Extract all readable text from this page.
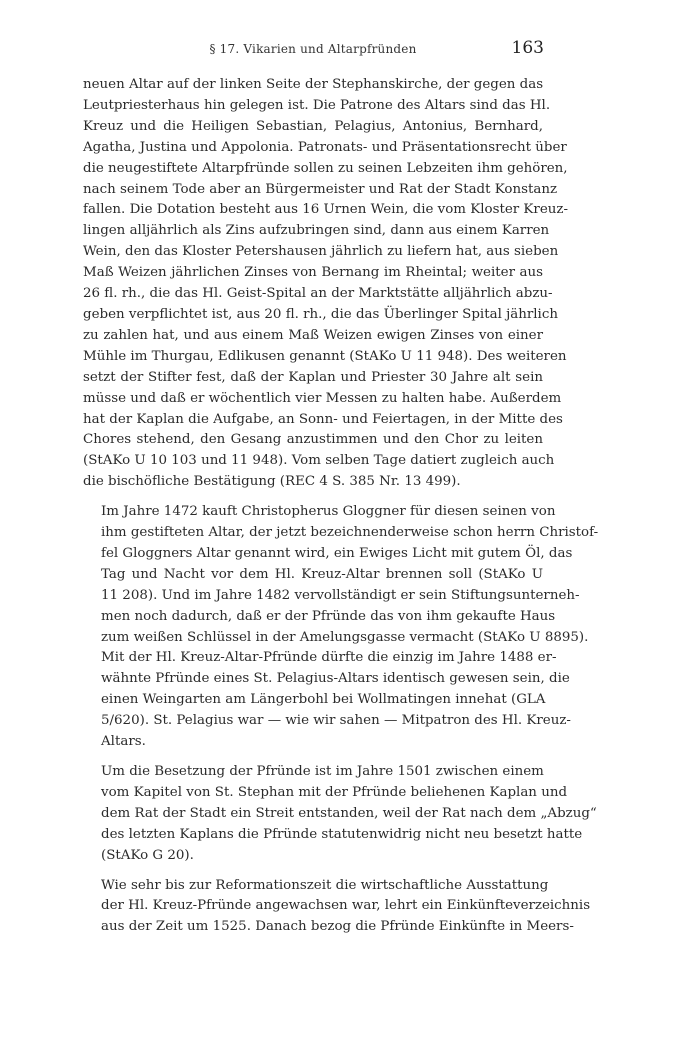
§ 17. Vikarien und Altarpfründen	163

neuen Altar auf der linken Seite der Stephanskirche, der gegen das
Leutpriesterhaus hin gelegen ist. Die Patrone des Altars sind das Hl.
Kreuz und die Heiligen Sebastian, Pelagius, Antonius, Bernhard,
Agatha, Justina und Appolonia. Patronats- und Präsentationsrecht über
die neugestiftete Altarpfründe sollen zu seinen Lebzeiten ihm gehören,
nach seinem Tode aber an Bürgermeister und Rat der Stadt Konstanz
fallen. Die Dotation besteht aus 16 Urnen Wein, die vom Kloster Kreuz-
lingen alljährlich als Zins aufzubringen sind, dann aus einem Karren
Wein, den das Kloster Petershausen jährlich zu liefern hat, aus sieben
Maß Weizen jährlichen Zinses von Bernang im Rheintal; weiter aus
26 fl. rh., die das Hl. Geist-Spital an der Marktstätte alljährlich abzu-
geben verpflichtet ist, aus 20 fl. rh., die das Überlinger Spital jährlich
zu zahlen hat, und aus einem Maß Weizen ewigen Zinses von einer
Mühle im Thurgau, Edlikusen genannt (StAKo U 11 948). Des weiteren
setzt der Stifter fest, daß der Kaplan und Priester 30 Jahre alt sein
müsse und daß er wöchentlich vier Messen zu halten habe. Außerdem
hat der Kaplan die Aufgabe, an Sonn- und Feiertagen, in der Mitte des
Chores stehend, den Gesang anzustimmen und den Chor zu leiten
(StAKo U 10 103 und 11 948). Vom selben Tage datiert zugleich auch
die bischöfliche Bestätigung (REC 4 S. 385 Nr. 13 499).

Im Jahre 1472 kauft Christopherus Gloggner für diesen seinen von
ihm gestifteten Altar, der jetzt bezeichnenderweise schon herrn Christof-
fel Gloggners Altar genannt wird, ein Ewiges Licht mit gutem Öl, das
Tag und Nacht vor dem Hl. Kreuz-Altar brennen soll (StAKo U
11 208). Und im Jahre 1482 vervollständigt er sein Stiftungsunterneh-
men noch dadurch, daß er der Pfründe das von ihm gekaufte Haus
zum weißen Schlüssel in der Amelungsgasse vermacht (StAKo U 8895).
Mit der Hl. Kreuz-Altar-Pfründe dürfte die einzig im Jahre 1488 er-
wähnte Pfründe eines St. Pelagius-Altars identisch gewesen sein, die
einen Weingarten am Längerbohl bei Wollmatingen innehat (GLA
5/620). St. Pelagius war — wie wir sahen — Mitpatron des Hl. Kreuz-
Altars.

Um die Besetzung der Pfründe ist im Jahre 1501 zwischen einem
vom Kapitel von St. Stephan mit der Pfründe beliehenen Kaplan und
dem Rat der Stadt ein Streit entstanden, weil der Rat nach dem „Abzug“
des letzten Kaplans die Pfründe statutenwidrig nicht neu besetzt hatte
(StAKo G 20).

Wie sehr bis zur Reformationszeit die wirtschaftliche Ausstattung
der Hl. Kreuz-Pfründe angewachsen war, lehrt ein Einkünfteverzeichnis
aus der Zeit um 1525. Danach bezog die Pfründe Einkünfte in Meers-
